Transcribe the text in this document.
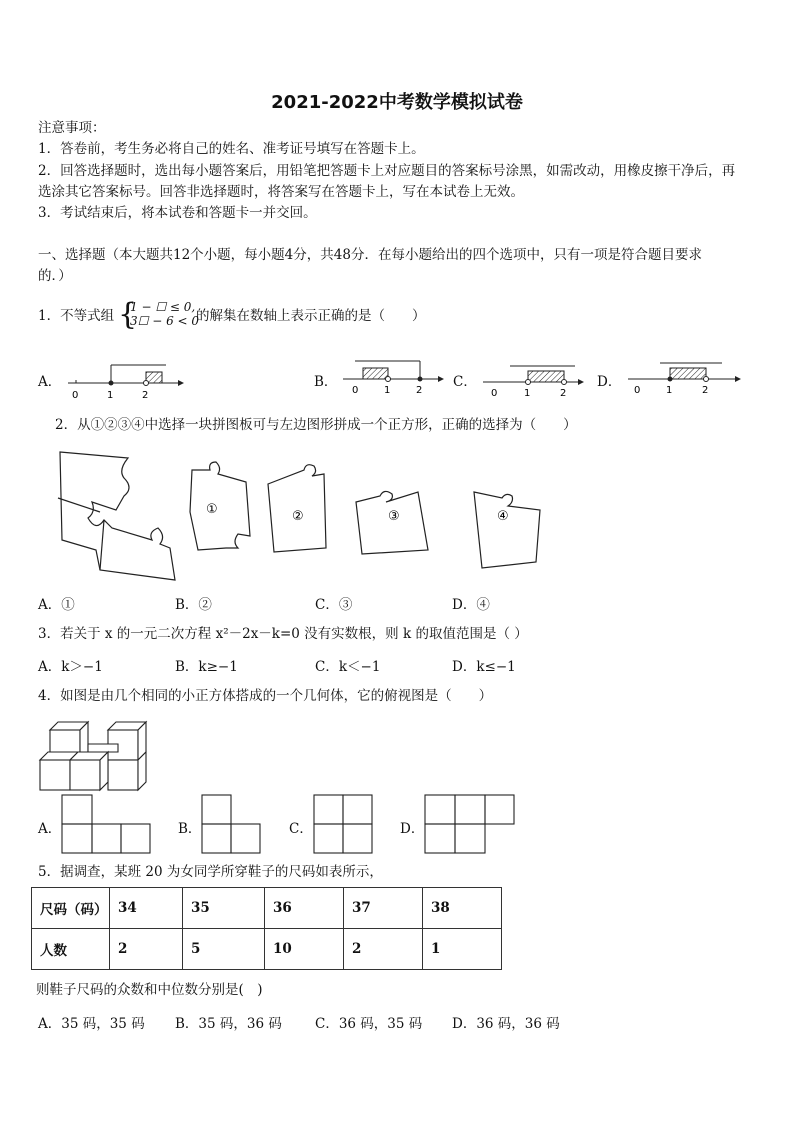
2021-2022中考数学模拟试卷
注意事项：
1．答卷前，考生务必将自己的姓名、准考证号填写在答题卡上。
2．回答选择题时，选出每小题答案后，用铅笔把答题卡上对应题目的答案标号涂黑，如需改动，用橡皮擦干净后，再
选涂其它答案标号。回答非选择题时，将答案写在答题卡上，写在本试卷上无效。
3．考试结束后，将本试卷和答题卡一并交回。
一、选择题（本大题共12个小题，每小题4分，共48分．在每小题给出的四个选项中，只有一项是符合题目要求
的．）
1．不等式组 {
1 − ☐ ≤ 0,
3☐ − 6 < 0
的解集在数轴上表示正确的是（　　）
A．	B．	C．	D．
0	1	2	0	1	2	0	1	2	0	1	2
2．从①②③④中选择一块拼图板可与左边图形拼成一个正方形，正确的选择为（　　）
①	②	③	④
A．①	B．②	C．③	D．④
3．若关于 x 的一元二次方程 x²－2x－k=0 没有实数根，则 k 的取值范围是（ ）
A．k＞−1	B．k≥−1	C．k＜−1	D．k≤−1
4．如图是由几个相同的小正方体搭成的一个几何体，它的俯视图是（　　）
A．	B．	C．	D．
5．据调查，某班 20 为女同学所穿鞋子的尺码如表所示，
尺码（码）	34	35	36	37	38
人数	2	5	10	2	1
则鞋子尺码的众数和中位数分别是(　)
A．35 码，35 码 B．35 码，36 码 C．36 码，35 码 D．36 码，36 码
